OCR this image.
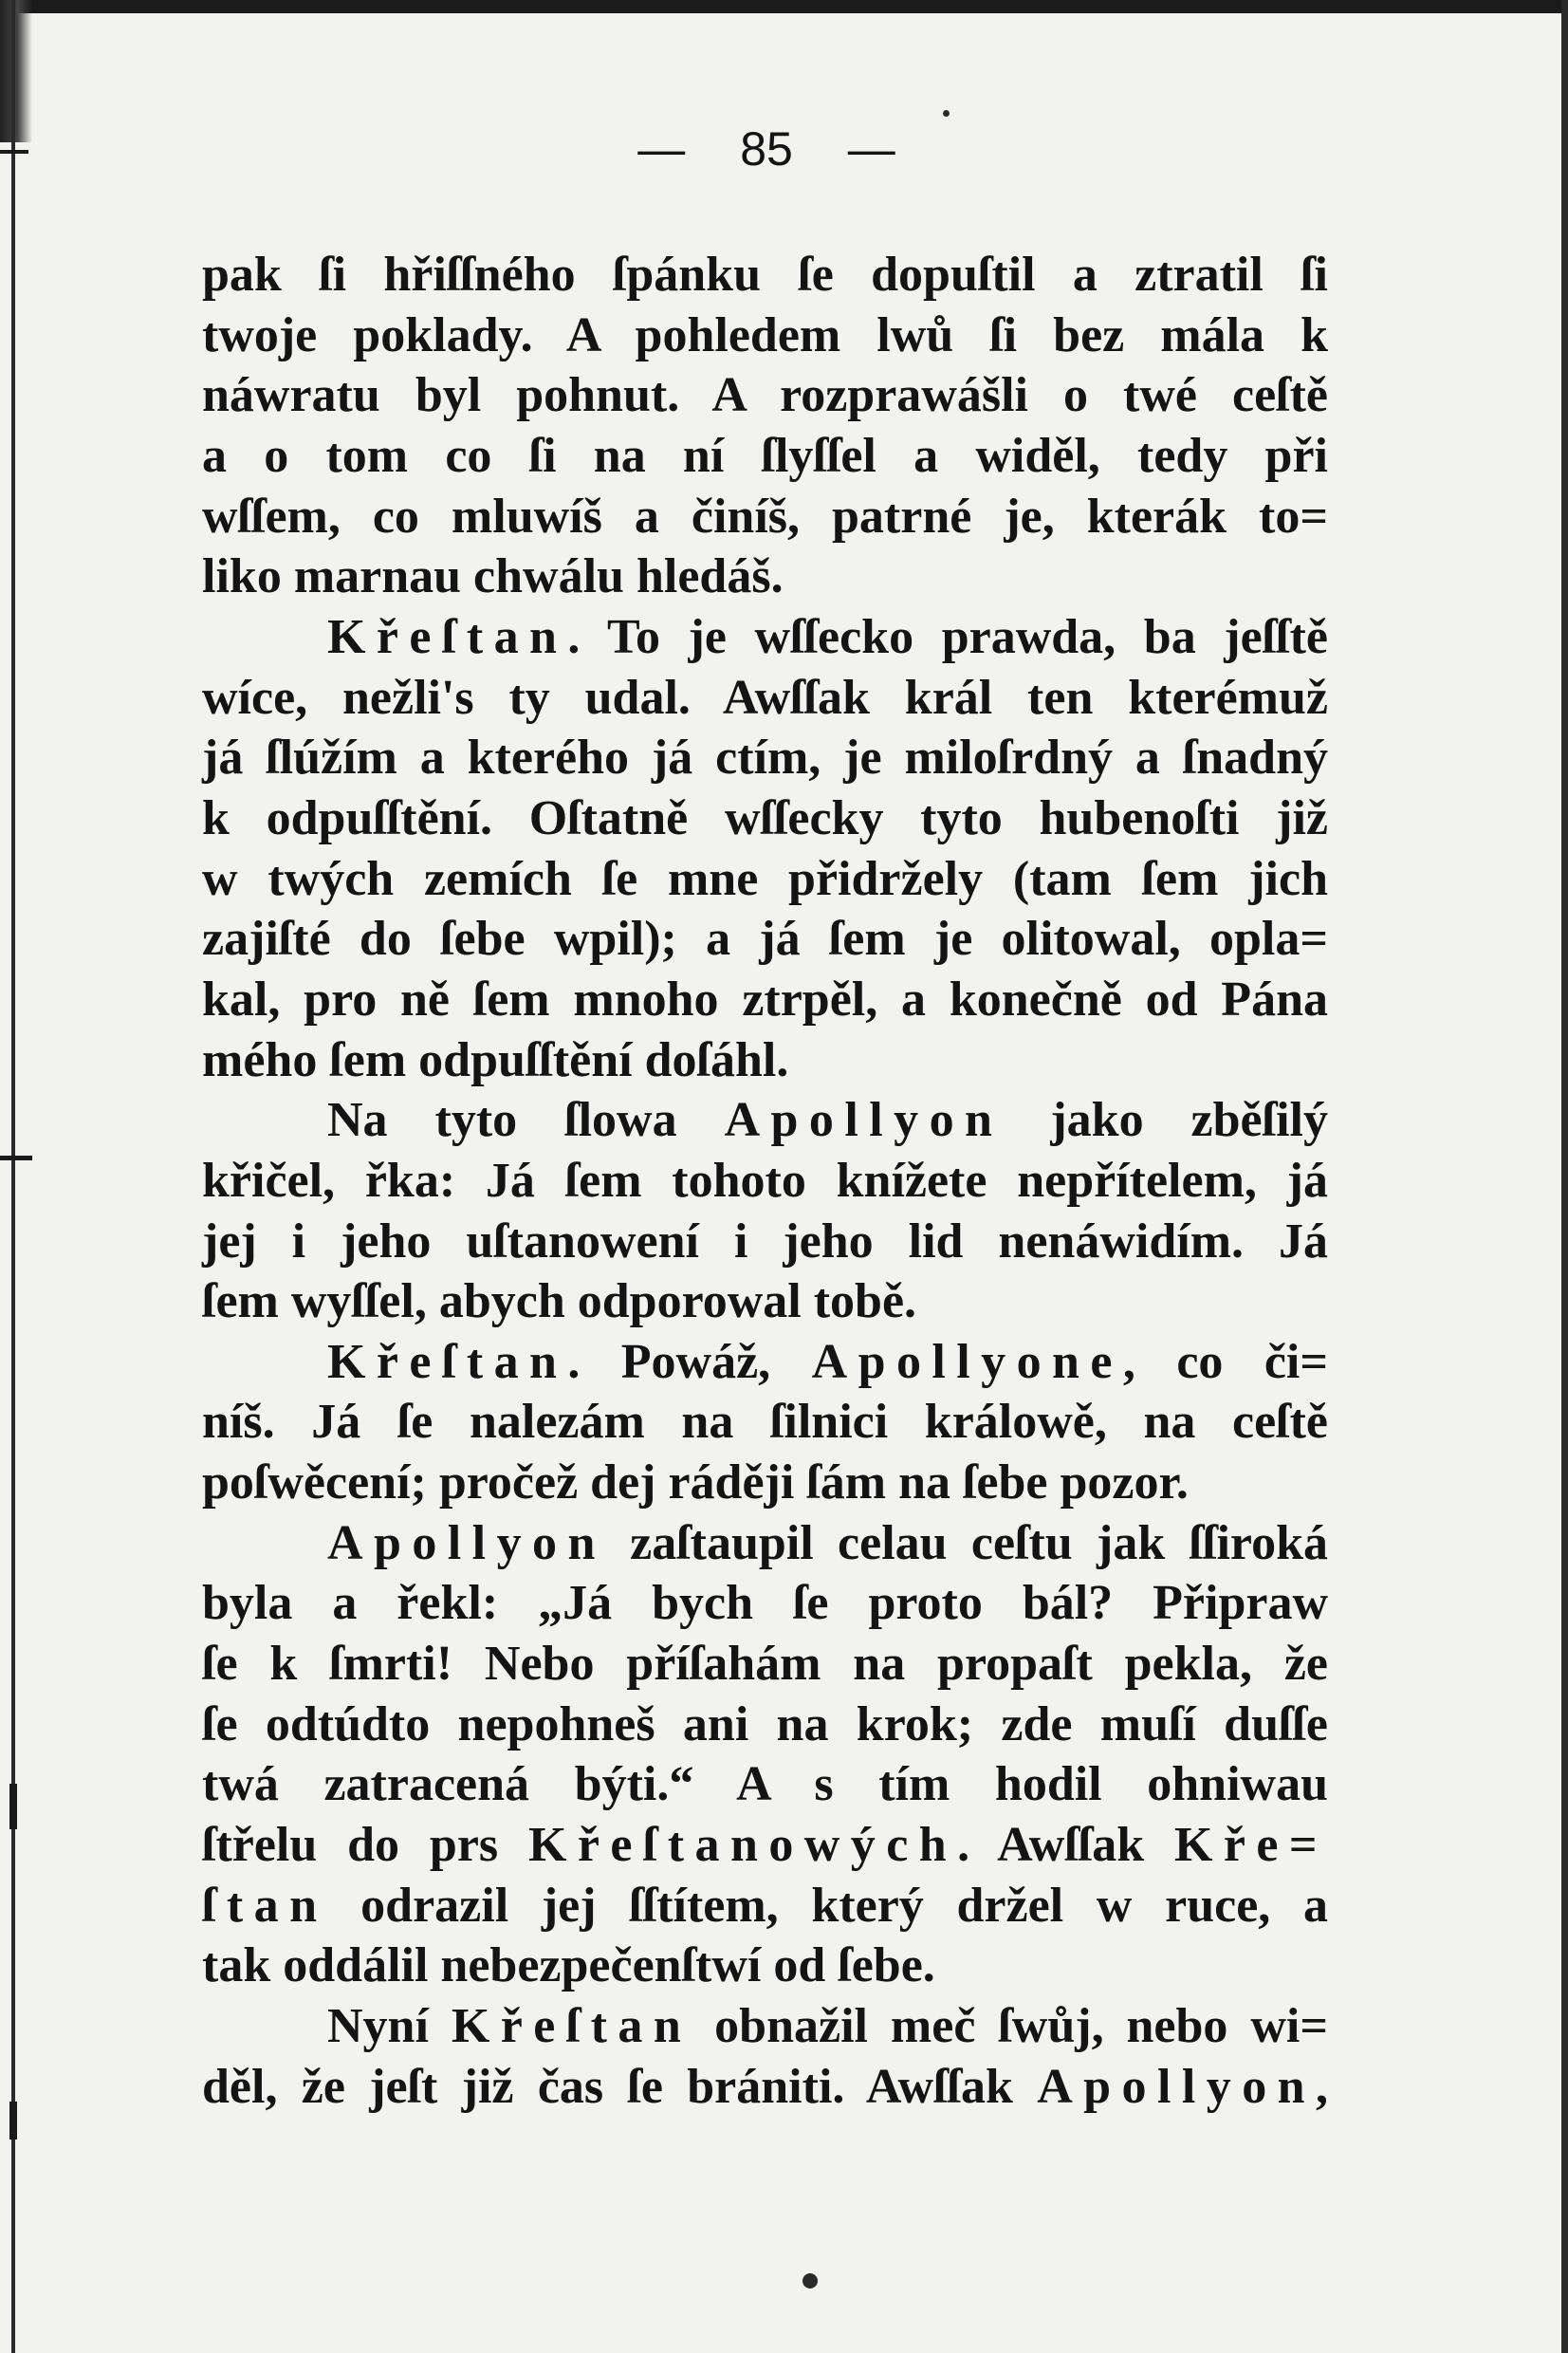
— 85 —
pak ſi hřiſſného ſpánku ſe dopuſtil a ztratil ſi
twoje poklady. A pohledem lwů ſi bez mála k
náwratu byl pohnut. A rozprawášli o twé ceſtě
a o tom co ſi na ní ſlyſſel a widěl, tedy při
wſſem, co mluwíš a činíš, patrné je, kterák to=
liko marnau chwálu hledáš.
Křeſtan. To je wſſecko prawda, ba jeſſtě
wíce, nežli's ty udal. Awſſak král ten kterémuž
já ſlúžím a kterého já ctím, je miloſrdný a ſnadný
k odpuſſtění. Oſtatně wſſecky tyto hubenoſti již
w twých zemích ſe mne přidržely (tam ſem jich
zajiſté do ſebe wpil); a já ſem je olitowal, opla=
kal, pro ně ſem mnoho ztrpěl, a konečně od Pána
mého ſem odpuſſtění doſáhl.
Na tyto ſlowa Apollyon jako zběſilý
křičel, řka: Já ſem tohoto knížete nepřítelem, já
jej i jeho uſtanowení i jeho lid nenáwidím. Já
ſem wyſſel, abych odporowal tobě.
Křeſtan. Powáž, Apollyone, co či=
níš. Já ſe nalezám na ſilnici králowě, na ceſtě
poſwěcení; pročež dej ráději ſám na ſebe pozor.
Apollyon zaſtaupil celau ceſtu jak ſſiroká
byla a řekl: „Já bych ſe proto bál? Připraw
ſe k ſmrti! Nebo příſahám na propaſt pekla, že
ſe odtúdto nepohneš ani na krok; zde muſí duſſe
twá zatracená býti.“ A s tím hodil ohniwau
ſtřelu do prs Křeſtanowých. Awſſak Kře=
ſtan odrazil jej ſſtítem, který držel w ruce, a
tak oddálil nebezpečenſtwí od ſebe.
Nyní Křeſtan obnažil meč ſwůj, nebo wi=
děl, že jeſt již čas ſe brániti. Awſſak Apollyon,
